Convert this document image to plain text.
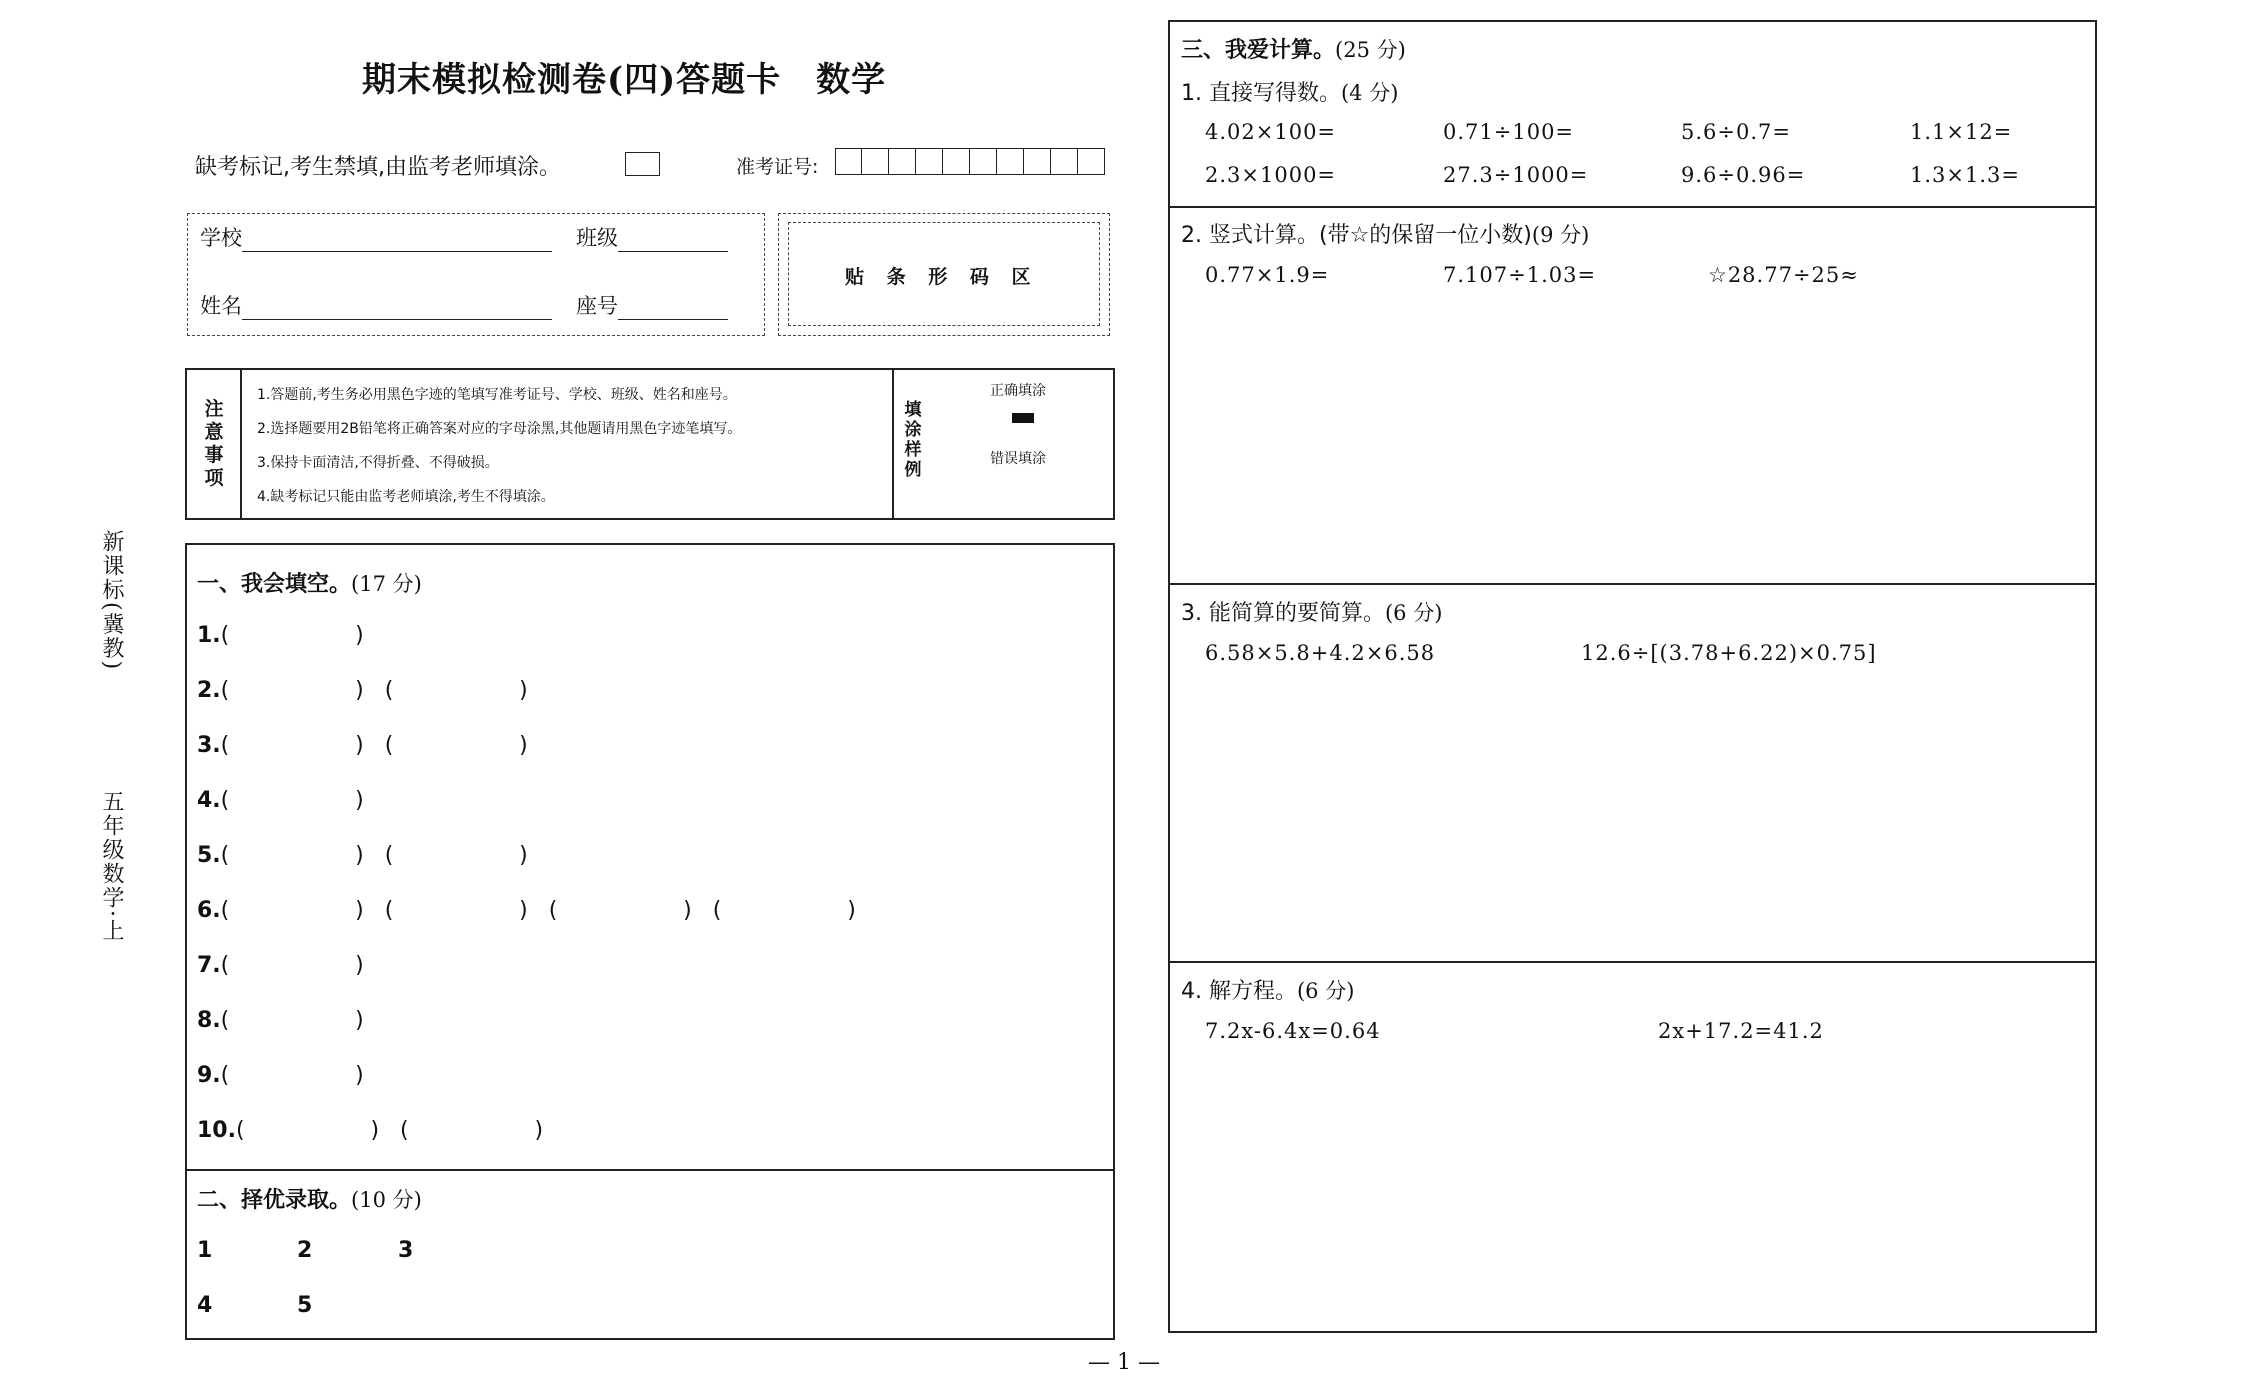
新课标(冀教)
五年级数学·上
期末模拟检测卷(四)答题卡　数学
缺考标记,考生禁填,由监考老师填涂。	准考证号:
学校	班级
姓名	座号
贴 条 形 码 区
注意事项
1.答题前,考生务必用黑色字迹的笔填写准考证号、学校、班级、姓名和座号。
2.选择题要用2B铅笔将正确答案对应的字母涂黑,其他题请用黑色字迹笔填写。
3.保持卡面清洁,不得折叠、不得破损。
4.缺考标记只能由监考老师填涂,考生不得填涂。
填涂样例
正确填涂
错误填涂
一、我会填空。(17 分)
1.(                  )
2.(                  )   (                  )
3.(                  )   (                  )
4.(                  )
5.(                  )   (                  )
6.(                  )   (                  )   (                  )   (                  )
7.(                  )
8.(                  )
9.(                  )
10.(                  )   (                  )
二、择优录取。(10 分)
1	2	3
4	5
三、我爱计算。(25 分)
1. 直接写得数。(4 分)
4.02×100=	0.71÷100=	5.6÷0.7=	1.1×12=
2.3×1000=	27.3÷1000=	9.6÷0.96=	1.3×1.3=
2. 竖式计算。(带☆的保留一位小数)(9 分)
0.77×1.9=	7.107÷1.03=	☆28.77÷25≈
3. 能简算的要简算。(6 分)
6.58×5.8+4.2×6.58	12.6÷[(3.78+6.22)×0.75]
4. 解方程。(6 分)
7.2x-6.4x=0.64	2x+17.2=41.2
— 1 —
